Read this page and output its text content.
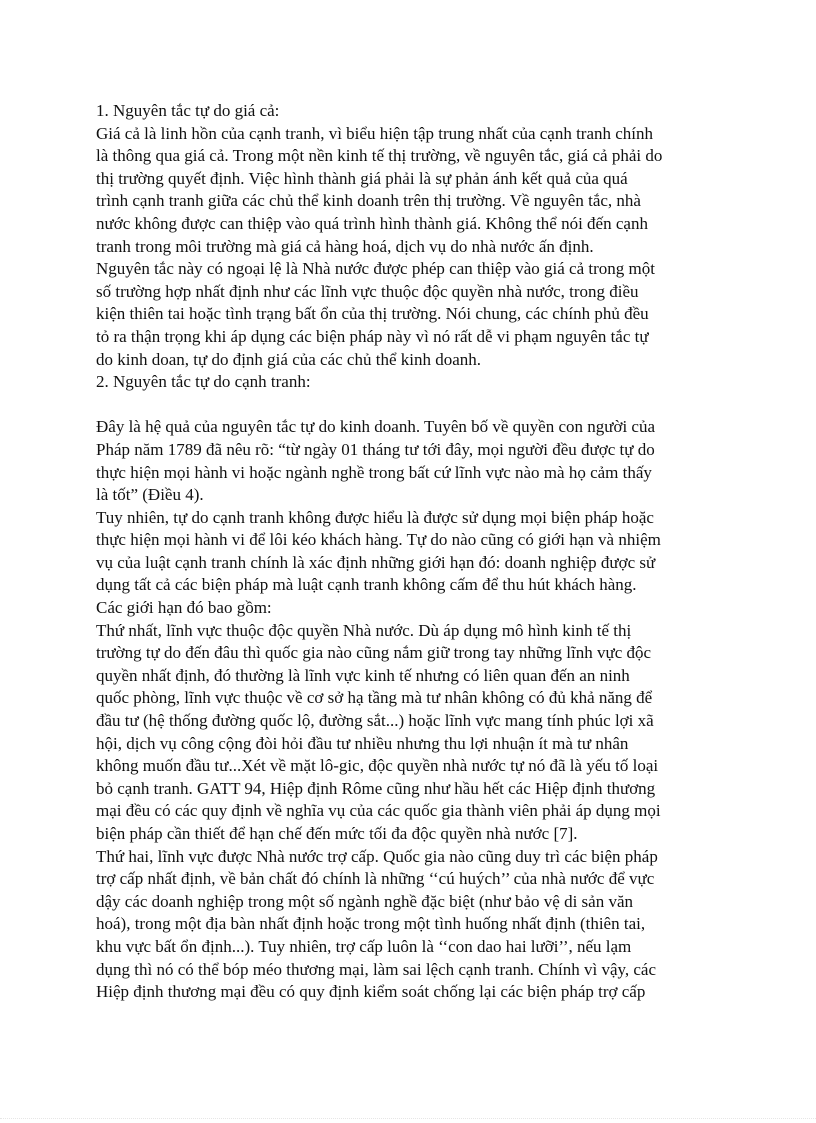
1. Nguyên tắc tự do giá cả:
Giá cả là linh hồn của cạnh tranh, vì biểu hiện tập trung nhất của cạnh tranh chính
là thông qua giá cả. Trong một nền kinh tế thị trường, về nguyên tắc, giá cả phải do
thị trường quyết định. Việc hình thành giá phải là sự phản ánh kết quả của quá
trình cạnh tranh giữa các chủ thể kinh doanh trên thị trường. Về nguyên tắc, nhà
nước không được can thiệp vào quá trình hình thành giá. Không thể nói đến cạnh
tranh trong môi trường mà giá cả hàng hoá, dịch vụ do nhà nước ấn định.
Nguyên tắc này có ngoại lệ là Nhà nước được phép can thiệp vào giá cả trong một
số trường hợp nhất định như các lĩnh vực thuộc độc quyền nhà nước, trong điều
kiện thiên tai hoặc tình trạng bất ổn của thị trường. Nói chung, các chính phủ đều
tỏ ra thận trọng khi áp dụng các biện pháp này vì nó rất dễ vi phạm nguyên tắc tự
do kinh doan, tự do định giá của các chủ thể kinh doanh.
2. Nguyên tắc tự do cạnh tranh:
Đây là hệ quả của nguyên tắc tự do kinh doanh. Tuyên bố về quyền con người của
Pháp năm 1789 đã nêu rõ: “từ ngày 01 tháng tư tới đây, mọi người đều được tự do
thực hiện mọi hành vi hoặc ngành nghề trong bất cứ lĩnh vực nào mà họ cảm thấy
là tốt” (Điều 4).
Tuy nhiên, tự do cạnh tranh không được hiểu là được sử dụng mọi biện pháp hoặc
thực hiện mọi hành vi để lôi kéo khách hàng. Tự do nào cũng có giới hạn và nhiệm
vụ của luật cạnh tranh chính là xác định những giới hạn đó: doanh nghiệp được sử
dụng tất cả các biện pháp mà luật cạnh tranh không cấm để thu hút khách hàng.
Các giới hạn đó bao gồm:
Thứ nhất, lĩnh vực thuộc độc quyền Nhà nước. Dù áp dụng mô hình kinh tế thị
trường tự do đến đâu thì quốc gia nào cũng nắm giữ trong tay những lĩnh vực độc
quyền nhất định, đó thường là lĩnh vực kinh tế nhưng có liên quan đến an ninh
quốc phòng, lĩnh vực thuộc về cơ sở hạ tầng mà tư nhân không có đủ khả năng để
đầu tư (hệ thống đường quốc lộ, đường sắt...) hoặc lĩnh vực mang tính phúc lợi xã
hội, dịch vụ công cộng đòi hỏi đầu tư nhiều nhưng thu lợi nhuận ít mà tư nhân
không muốn đầu tư...Xét về mặt lô-gic, độc quyền nhà nước tự nó đã là yếu tố loại
bỏ cạnh tranh. GATT 94, Hiệp định Rôme cũng như hầu hết các Hiệp định thương
mại đều có các quy định về nghĩa vụ của các quốc gia thành viên phải áp dụng mọi
biện pháp cần thiết để hạn chế đến mức tối đa độc quyền nhà nước [7].
Thứ hai, lĩnh vực được Nhà nước trợ cấp. Quốc gia nào cũng duy trì các biện pháp
trợ cấp nhất định, về bản chất đó chính là những ‘‘cú huých’’ của nhà nước để vực
dậy các doanh nghiệp trong một số ngành nghề đặc biệt (như bảo vệ di sản văn
hoá), trong một địa bàn nhất định hoặc trong một tình huống nhất định (thiên tai,
khu vực bất ổn định...). Tuy nhiên, trợ cấp luôn là ‘‘con dao hai lưỡi’’, nếu lạm
dụng thì nó có thể bóp méo thương mại, làm sai lệch cạnh tranh. Chính vì vậy, các
Hiệp định thương mại đều có quy định kiểm soát chống lại các biện pháp trợ cấp
